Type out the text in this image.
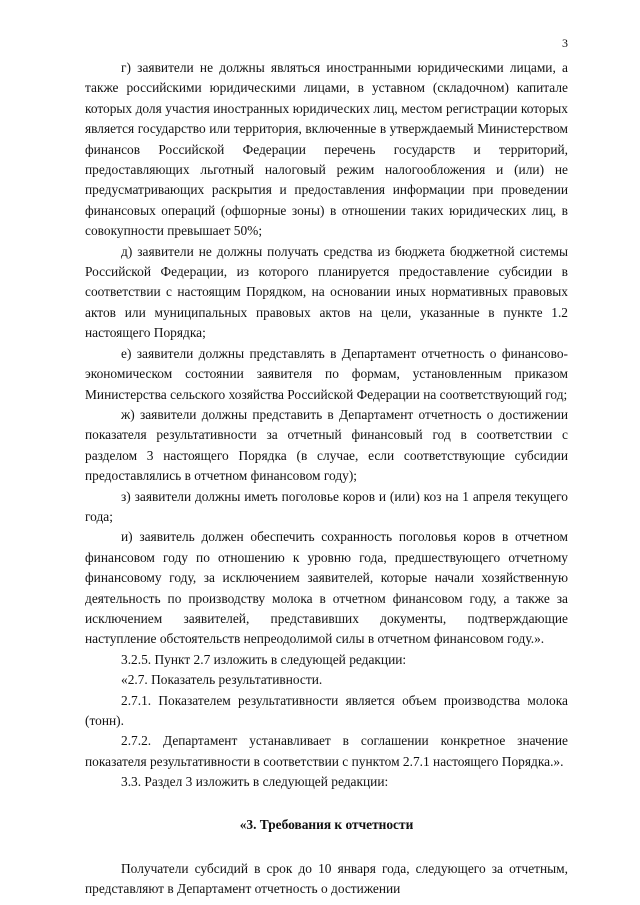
3

г) заявители не должны являться иностранными юридическими лицами, а также российскими юридическими лицами, в уставном (складочном) капитале которых доля участия иностранных юридических лиц, местом регистрации которых является государство или территория, включенные в утверждаемый Министерством финансов Российской Федерации перечень государств и территорий, предоставляющих льготный налоговый режим налогообложения и (или) не предусматривающих раскрытия и предоставления информации при проведении финансовых операций (офшорные зоны) в отношении таких юридических лиц, в совокупности превышает 50%;

д) заявители не должны получать средства из бюджета бюджетной системы Российской Федерации, из которого планируется предоставление субсидии в соответствии с настоящим Порядком, на основании иных нормативных правовых актов или муниципальных правовых актов на цели, указанные в пункте 1.2 настоящего Порядка;

е) заявители должны представлять в Департамент отчетность о финансово-экономическом состоянии заявителя по формам, установленным приказом Министерства сельского хозяйства Российской Федерации на соответствующий год;

ж) заявители должны представить в Департамент отчетность о достижении показателя результативности за отчетный финансовый год в соответствии с разделом 3 настоящего Порядка (в случае, если соответствующие субсидии предоставлялись в отчетном финансовом году);

з) заявители должны иметь поголовье коров и (или) коз на 1 апреля текущего года;

и) заявитель должен обеспечить сохранность поголовья коров в отчетном финансовом году по отношению к уровню года, предшествующего отчетному финансовому году, за исключением заявителей, которые начали хозяйственную деятельность по производству молока в отчетном финансовом году, а также за исключением заявителей, представивших документы, подтверждающие наступление обстоятельств непреодолимой силы в отчетном финансовом году.».

3.2.5. Пункт 2.7 изложить в следующей редакции:

«2.7. Показатель результативности.

2.7.1. Показателем результативности является объем производства молока (тонн).

2.7.2. Департамент устанавливает в соглашении конкретное значение показателя результативности в соответствии с пунктом 2.7.1 настоящего Порядка.».

3.3. Раздел 3 изложить в следующей редакции:

«3. Требования к отчетности

Получатели субсидий в срок до 10 января года, следующего за отчетным, представляют в Департамент отчетность о достижении
